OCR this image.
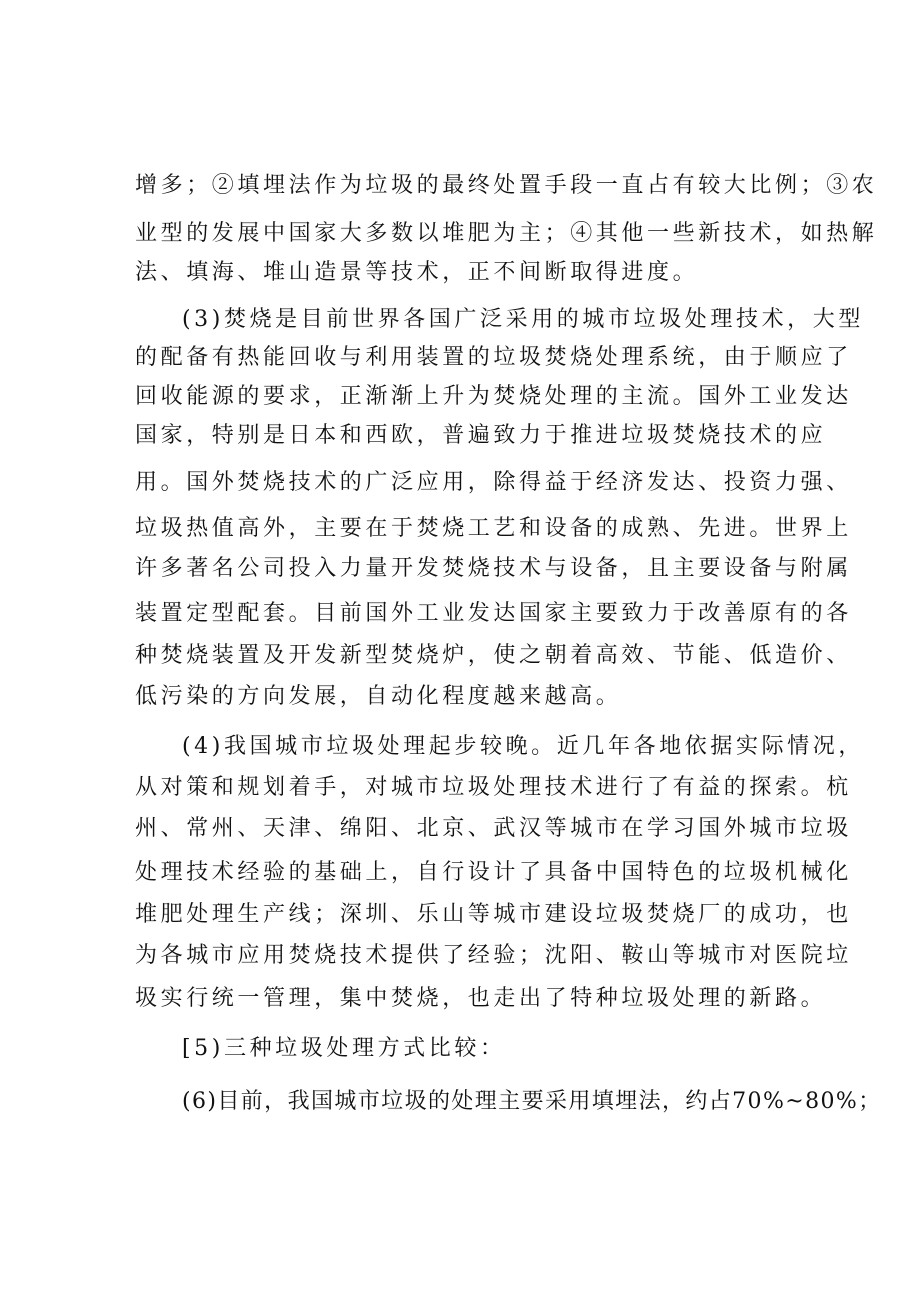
增多；②填埋法作为垃圾的最终处置手段一直占有较大比例；③农
业型的发展中国家大多数以堆肥为主；④其他一些新技术，如热解
法、填海、堆山造景等技术，正不间断取得进度。
(3)焚烧是目前世界各国广泛采用的城市垃圾处理技术，大型
的配备有热能回收与利用装置的垃圾焚烧处理系统，由于顺应了
回收能源的要求，正渐渐上升为焚烧处理的主流。国外工业发达
国家，特别是日本和西欧，普遍致力于推进垃圾焚烧技术的应
用。国外焚烧技术的广泛应用，除得益于经济发达、投资力强、
垃圾热值高外，主要在于焚烧工艺和设备的成熟、先进。世界上
许多著名公司投入力量开发焚烧技术与设备，且主要设备与附属
装置定型配套。目前国外工业发达国家主要致力于改善原有的各
种焚烧装置及开发新型焚烧炉，使之朝着高效、节能、低造价、
低污染的方向发展，自动化程度越来越高。
(4)我国城市垃圾处理起步较晚。近几年各地依据实际情况，
从对策和规划着手，对城市垃圾处理技术进行了有益的探索。杭
州、常州、天津、绵阳、北京、武汉等城市在学习国外城市垃圾
处理技术经验的基础上，自行设计了具备中国特色的垃圾机械化
堆肥处理生产线；深圳、乐山等城市建设垃圾焚烧厂的成功，也
为各城市应用焚烧技术提供了经验；沈阳、鞍山等城市对医院垃
圾实行统一管理，集中焚烧，也走出了特种垃圾处理的新路。
[5)三种垃圾处理方式比较：
(6)目前，我国城市垃圾的处理主要采用填埋法，约占70%~80%；
